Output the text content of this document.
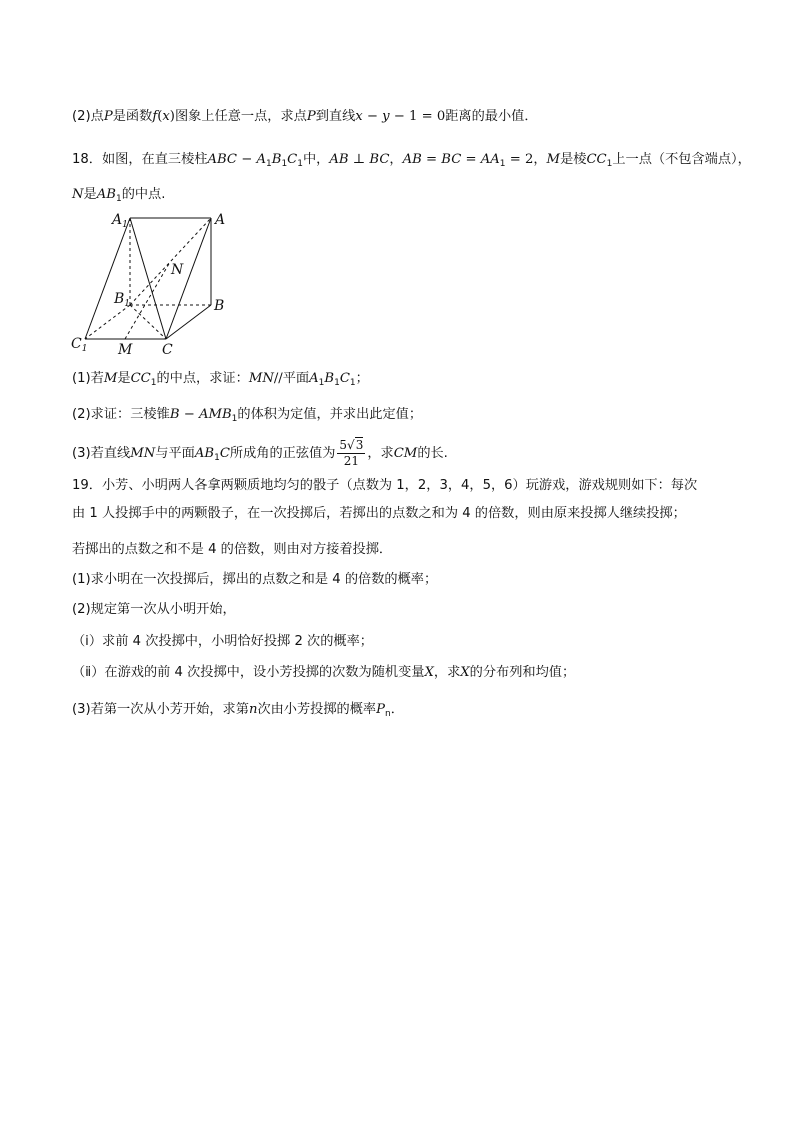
(2)点P是函数f(x)图象上任意一点，求点P到直线x − y − 1 = 0距离的最小值．
18．如图，在直三棱柱ABC − $A_1B_1C_1$中，AB ⊥ BC，AB = BC = $AA_1 = 2$，M是棱$CC_1$上一点（不包含端点），
N是$AB_1$的中点.
$A_1$	A
N
$B_1$	B
$C_1$ M C
(1)若M是$CC_1$的中点，求证：MN//平面$A_1B_1C_1$；
(2)求证：三棱锥$B - AMB_1$的体积为定值，并求出此定值；
(3)若直线MN与平面$AB_1C$所成角的正弦值为 $\frac{5√3}{21}$ ，求CM的长.
19．小芳、小明两人各拿两颗质地均匀的骰子（点数为 1，2，3，4，5，6）玩游戏，游戏规则如下：每次
由 1 人投掷手中的两颗骰子，在一次投掷后，若掷出的点数之和为 4 的倍数，则由原来投掷人继续投掷；
若掷出的点数之和不是 4 的倍数，则由对方接着投掷．
(1)求小明在一次投掷后，掷出的点数之和是 4 的倍数的概率；
(2)规定第一次从小明开始，
（ⅰ）求前 4 次投掷中，小明恰好投掷 2 次的概率；
（ⅱ）在游戏的前 4 次投掷中，设小芳投掷的次数为随机变量X，求X的分布列和均值；
(3)若第一次从小芳开始，求第n次由小芳投掷的概率$P_n$．
